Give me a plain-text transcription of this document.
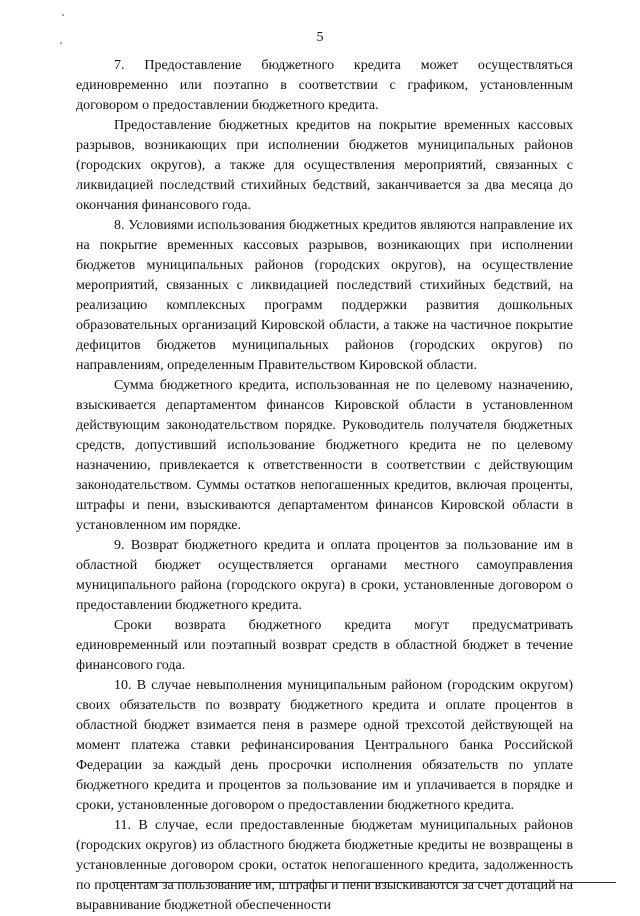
5

7. Предоставление бюджетного кредита может осуществляться единовременно или поэтапно в соответствии с графиком, установленным договором о предоставлении бюджетного кредита.

Предоставление бюджетных кредитов на покрытие временных кассовых разрывов, возникающих при исполнении бюджетов муниципальных районов (городских округов), а также для осуществления мероприятий, связанных с ликвидацией последствий стихийных бедствий, заканчивается за два месяца до окончания финансового года.

8. Условиями использования бюджетных кредитов являются направление их на покрытие временных кассовых разрывов, возникающих при исполнении бюджетов муниципальных районов (городских округов), на осуществление мероприятий, связанных с ликвидацией последствий стихийных бедствий, на реализацию комплексных программ поддержки развития дошкольных образовательных организаций Кировской области, а также на частичное покрытие дефицитов бюджетов муниципальных районов (городских округов) по направлениям, определенным Правительством Кировской области.

Сумма бюджетного кредита, использованная не по целевому назначению, взыскивается департаментом финансов Кировской области в установленном действующим законодательством порядке. Руководитель получателя бюджетных средств, допустивший использование бюджетного кредита не по целевому назначению, привлекается к ответственности в соответствии с действующим законодательством. Суммы остатков непогашенных кредитов, включая проценты, штрафы и пени, взыскиваются департаментом финансов Кировской области в установленном им порядке.

9. Возврат бюджетного кредита и оплата процентов за пользование им в областной бюджет осуществляется органами местного самоуправления муниципального района (городского округа) в сроки, установленные договором о предоставлении бюджетного кредита.

Сроки возврата бюджетного кредита могут предусматривать единовременный или поэтапный возврат средств в областной бюджет в течение финансового года.

10. В случае невыполнения муниципальным районом (городским округом) своих обязательств по возврату бюджетного кредита и оплате процентов в областной бюджет взимается пеня в размере одной трехсотой действующей на момент платежа ставки рефинансирования Центрального банка Российской Федерации за каждый день просрочки исполнения обязательств по уплате бюджетного кредита и процентов за пользование им и уплачивается в порядке и сроки, установленные договором о предоставлении бюджетного кредита.

11. В случае, если предоставленные бюджетам муниципальных районов (городских округов) из областного бюджета бюджетные кредиты не возвращены в установленные договором сроки, остаток непогашенного кредита, задолженность по процентам за пользование им, штрафы и пени взыскиваются за счет дотаций на выравнивание бюджетной обеспеченности
